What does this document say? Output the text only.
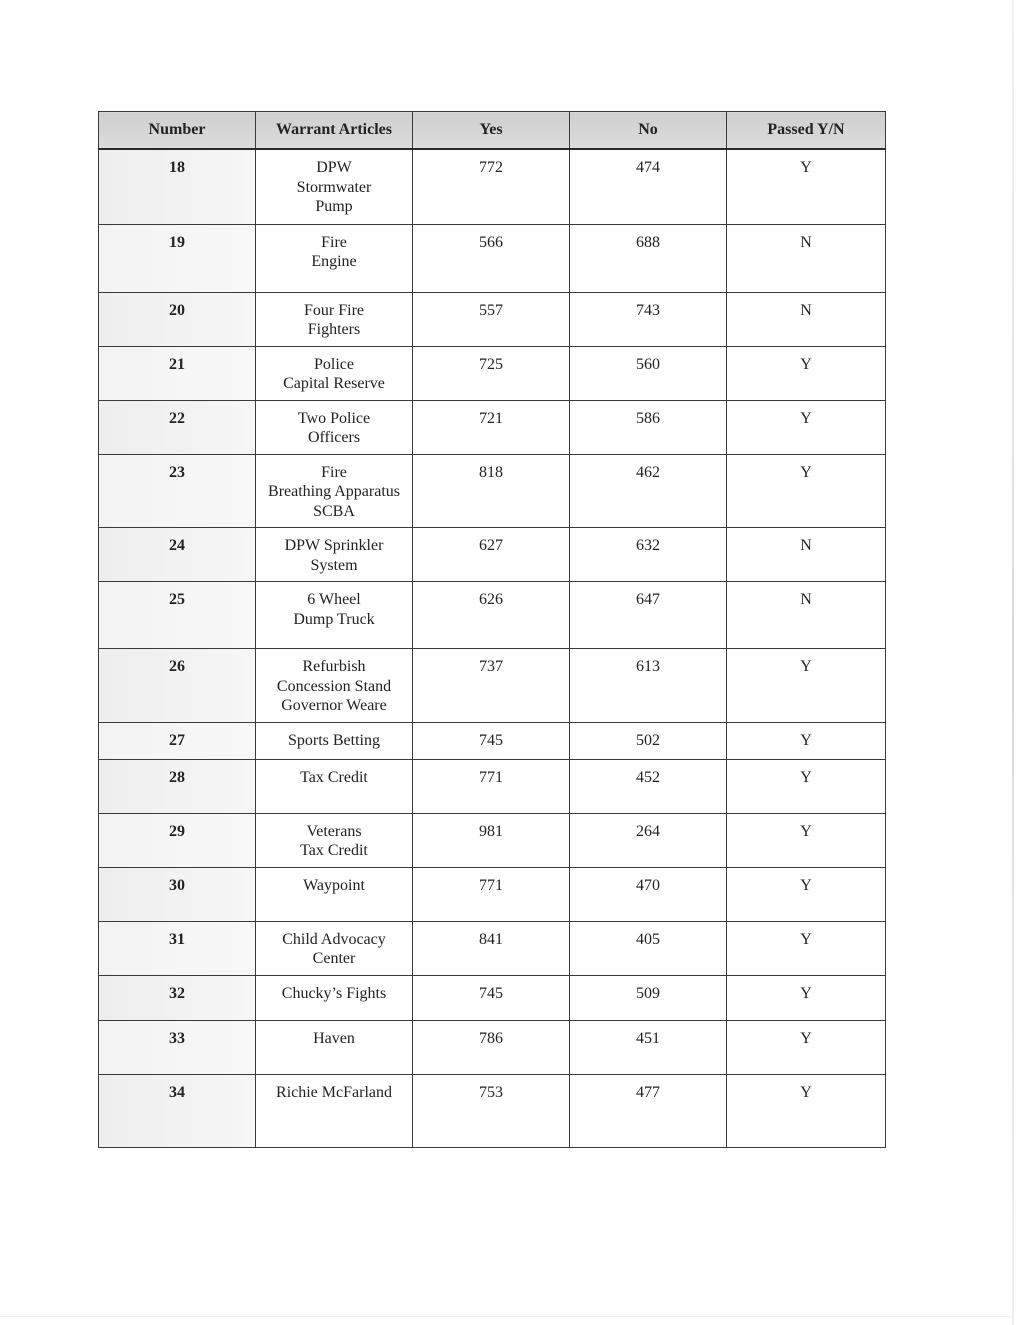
Number	Warrant Articles	Yes	No	Passed Y/N
18	DPW
Stormwater
Pump	772	474	Y
19	Fire
Engine	566	688	N
20	Four Fire
Fighters	557	743	N
21	Police
Capital Reserve	725	560	Y
22	Two Police
Officers	721	586	Y
23	Fire
Breathing Apparatus
SCBA	818	462	Y
24	DPW Sprinkler
System	627	632	N
25	6 Wheel
Dump Truck	626	647	N
26	Refurbish
Concession Stand
Governor Weare	737	613	Y
27	Sports Betting	745	502	Y
28	Tax Credit	771	452	Y
29	Veterans
Tax Credit	981	264	Y
30	Waypoint	771	470	Y
31	Child Advocacy
Center	841	405	Y
32	Chucky’s Fights	745	509	Y
33	Haven	786	451	Y
34	Richie McFarland	753	477	Y
